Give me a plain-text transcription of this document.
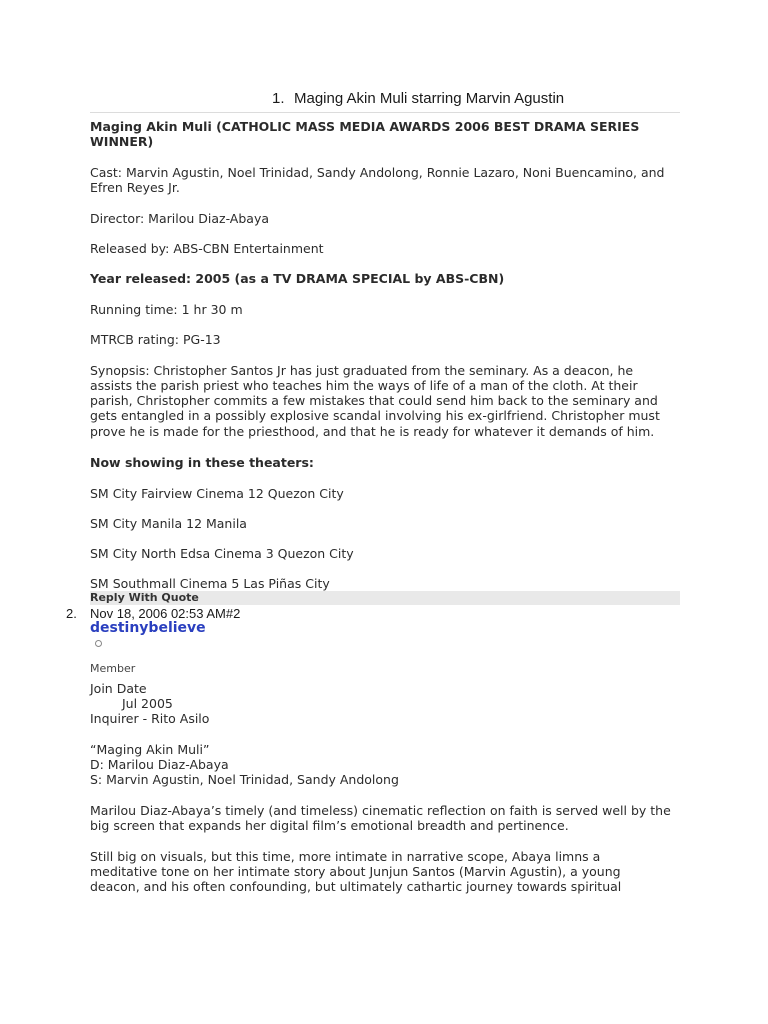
1. Maging Akin Muli starring Marvin Agustin

Maging Akin Muli (CATHOLIC MASS MEDIA AWARDS 2006 BEST DRAMA SERIES

WINNER)

Cast: Marvin Agustin, Noel Trinidad, Sandy Andolong, Ronnie Lazaro, Noni Buencamino, and

Efren Reyes Jr.

Director: Marilou Diaz-Abaya

Released by: ABS-CBN Entertainment

Year released: 2005 (as a TV DRAMA SPECIAL by ABS-CBN)

Running time: 1 hr 30 m

MTRCB rating: PG-13

Synopsis: Christopher Santos Jr has just graduated from the seminary. As a deacon, he

assists the parish priest who teaches him the ways of life of a man of the cloth. At their

parish, Christopher commits a few mistakes that could send him back to the seminary and

gets entangled in a possibly explosive scandal involving his ex-girlfriend. Christopher must

prove he is made for the priesthood, and that he is ready for whatever it demands of him.

Now showing in these theaters:

SM City Fairview Cinema 12 Quezon City

SM City Manila 12 Manila

SM City North Edsa Cinema 3 Quezon City

SM Southmall Cinema 5 Las Piñas City

Reply With Quote
2. Nov 18, 2006 02:53 AM#2
destinybelieve

Member

Join Date

Jul 2005

Inquirer - Rito Asilo

“Maging Akin Muli”

D: Marilou Diaz-Abaya

S: Marvin Agustin, Noel Trinidad, Sandy Andolong

Marilou Diaz-Abaya’s timely (and timeless) cinematic reflection on faith is served well by the

big screen that expands her digital film’s emotional breadth and pertinence.

Still big on visuals, but this time, more intimate in narrative scope, Abaya limns a

meditative tone on her intimate story about Junjun Santos (Marvin Agustin), a young

deacon, and his often confounding, but ultimately cathartic journey towards spiritual
